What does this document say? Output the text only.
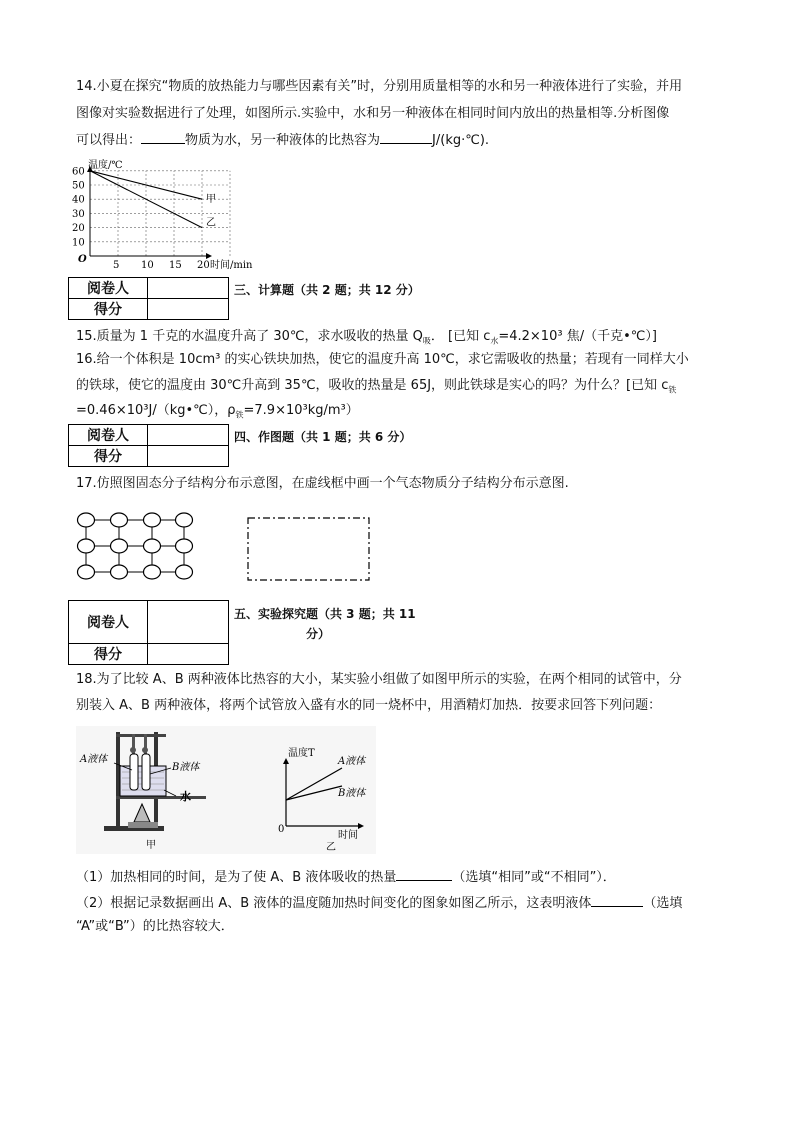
14.小夏在探究“物质的放热能力与哪些因素有关”时，分别用质量相等的水和另一种液体进行了实验，并用
图像对实验数据进行了处理，如图所示.实验中，水和另一种液体在相同时间内放出的热量相等.分析图像
可以得出：	物质为水，另一种液体的比热容为	J/(kg·℃).
10
20
30
40
50
60
5 10 15 20
甲
乙
温度/℃
时间/min
O
阅卷人	
得分	
三、计算题（共 2 题；共 12 分）
15.质量为 1 千克的水温度升高了 30℃，求水吸收的热量 $Q_吸$． [已知 $c_水=4.2\times 10^3$ 焦/（千克•℃）]
16.给一个体积是 10cm³ 的实心铁块加热，使它的温度升高 10℃，求它需吸收的热量；若现有一同样大小
的铁球，使它的温度由 30℃升高到 35℃，吸收的热量是 65J，则此铁球是实心的吗？为什么？[已知 $c_铁$
=0.46×10³J/（kg•℃），$\rho_铁=7.9\times 10^3kg/m^3$）
阅卷人	
得分	
四、作图题（共 1 题；共 6 分）
17.仿照图固态分子结构分布示意图，在虚线框中画一个气态物质分子结构分布示意图.
阅卷人	
得分	
五、实验探究题（共 3 题；共 11
分）
18.为了比较 A、B 两种液体比热容的大小，某实验小组做了如图甲所示的实验，在两个相同的试管中，分
别装入 A、B 两种液体，将两个试管放入盛有水的同一烧杯中，用酒精灯加热．按要求回答下列问题：
A液体
B液体
水
甲
温度T
时间
0
A液体
B液体
乙
（1）加热相同的时间，是为了使 A、B 液体吸收的热量	（选填“相同”或“不相同”）．
（2）根据记录数据画出 A、B 液体的温度随加热时间变化的图象如图乙所示，这表明液体	（选填
“A”或“B”）的比热容较大．
